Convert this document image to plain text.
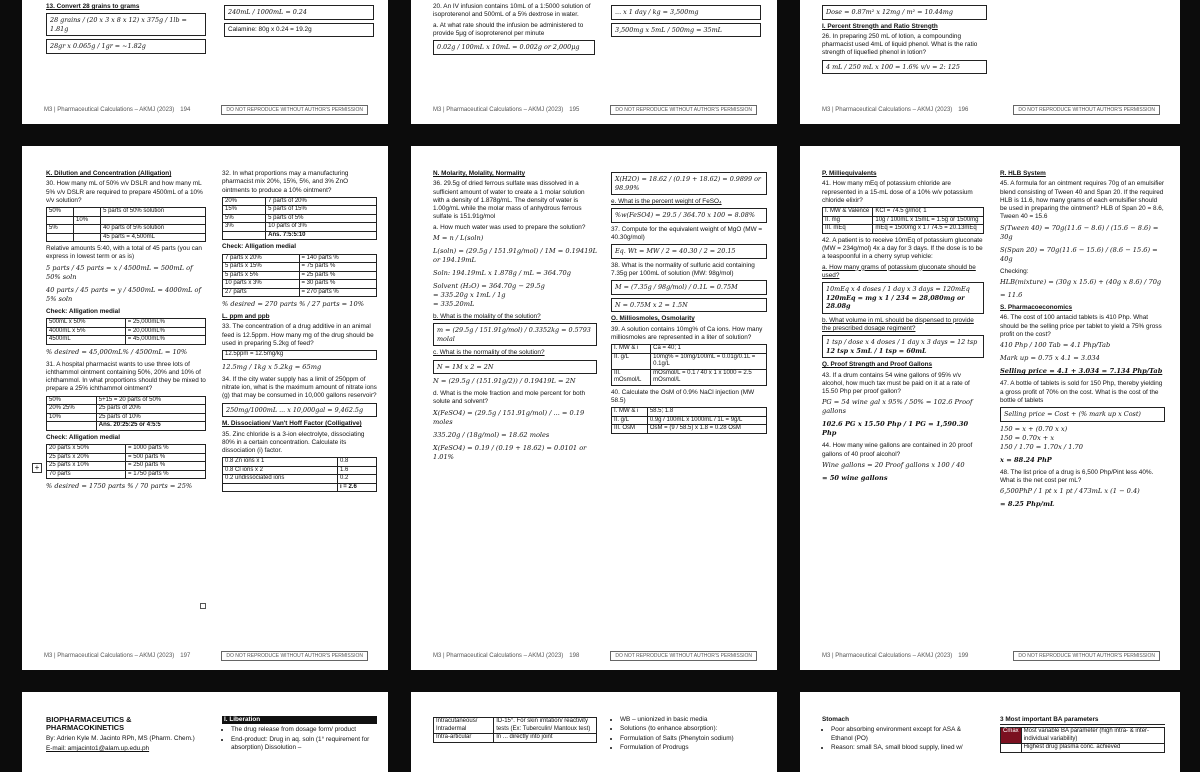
13. Convert 28 grains to grams

28 grains / (20 x 3 x 8 x 12) x 375g / 1lb = 1.81g
28gr x 0.065g / 1gr = ~1.82g
240mL / 1000mL = 0.24
Calamine: 80g x 0.24 = 19.2g
M3 | Pharmaceutical Calculations – AKMJ (2023) 194	DO NOT REPRODUCE WITHOUT AUTHOR'S PERMISSION

20. An IV infusion contains 10mL of a 1:5000 solution of isoproterenol and 500mL of a 5% dextrose in water.

a. At what rate should the infusion be administered to provide 5μg of isoproterenol per minute

0.02g / 100mL x 10mL = 0.002g or 2,000μg
... x 1 day / kg = 3,500mg
3,500mg x 5mL / 500mg = 35mL
M3 | Pharmaceutical Calculations – AKMJ (2023) 195	DO NOT REPRODUCE WITHOUT AUTHOR'S PERMISSION
Dose = 0.87m² x 12mg / m² = 10.44mg

I. Percent Strength and Ratio Strength

26. In preparing 250 mL of lotion, a compounding pharmacist used 4mL of liquid phenol. What is the ratio strength of liquefied phenol in lotion?

4 mL / 250 mL x 100 = 1.6% v/v = 2: 125
M3 | Pharmaceutical Calculations – AKMJ (2023) 196	DO NOT REPRODUCE WITHOUT AUTHOR'S PERMISSION

K. Dilution and Concentration (Alligation)

30. How many mL of 50% v/v DSLR and how many mL 5% v/v DSLR are required to prepare 4500mL of a 10% v/v solution?

50%		5 parts of 50% solution
	10%	
5%		40 parts of 5% solution
		45 parts = 4,500mL

Relative amounts 5:40, with a total of 45 parts (you can express in lowest term or as is)

5 parts / 45 parts = x / 4500mL = 500mL of 50% soln
40 parts / 45 parts = y / 4500mL = 4000mL of 5% soln

Check: Alligation medial

500mL x 50%	= 25,000mL%
4000mL x 5%	= 20,000mL%
4500mL	= 45,000mL%
% desired = 45,000mL% / 4500mL = 10%

31. A hospital pharmacist wants to use three lots of ichthammol ointment containing 50%, 20% and 10% of ichthammol. In what proportions should they be mixed to prepare a 25% ichthammol ointment?

50%	5+15 = 20 parts of 50%
20% 25%	25 parts of 20%
10%	25 parts of 10%
	Ans. 20:25:25 or 4:5:5

Check: Alligation medial

20 parts x 50%	= 1000 parts %
25 parts x 20%	= 500 parts %
25 parts x 10%	= 250 parts %
70 parts	= 1750 parts %
% desired = 1750 parts % / 70 parts = 25%

32. In what proportions may a manufacturing pharmacist mix 20%, 15%, 5%, and 3% ZnO ointments to produce a 10% ointment?

20%	7 parts of 20%
15%	5 parts of 15%
5%	5 parts of 5%
3%	10 parts of 3%
	Ans. 7:5:5:10

Check: Alligation medial

7 parts x 20%	= 140 parts %
5 parts x 15%	= 75 parts %
5 parts x 5%	= 25 parts %
10 parts x 3%	= 30 parts %
27 parts	= 270 parts %
% desired = 270 parts % / 27 parts = 10%

L. ppm and ppb

33. The concentration of a drug additive in an animal feed is 12.5ppm. How many mg of the drug should be used in preparing 5.2kg of feed?

12.5ppm = 12.5mg/kg
12.5mg / 1kg x 5.2kg = 65mg

34. If the city water supply has a limit of 250ppm of nitrate ion, what is the maximum amount of nitrate ions (g) that may be consumed in 10,000 gallons reservoir?

250mg/1000mL ... x 10,000gal = 9,462.5g

M. Dissociation/ Van't Hoff Factor (Colligative)

35. Zinc chloride is a 3-ion electrolyte, dissociating 80% in a certain concentration. Calculate its dissociation (i) factor.

0.8 Zn ions x 1	0.8
0.8 Cl ions x 2	1.6
0.2 undissociated ions	0.2
	i = 2.6
M3 | Pharmaceutical Calculations – AKMJ (2023) 197	DO NOT REPRODUCE WITHOUT AUTHOR'S PERMISSION

N. Molarity, Molality, Normality

36. 29.5g of dried ferrous sulfate was dissolved in a sufficient amount of water to create a 1 molar solution with a density of 1.878g/mL. The density of water is 1.00g/mL while the molar mass of anhydrous ferrous sulfate is 151.91g/mol

a. How much water was used to prepare the solution?

M = n / L(soln)
L(soln) = (29.5g / 151.91g/mol) / 1M = 0.19419L or 194.19mL
Soln: 194.19mL x 1.878g / mL = 364.70g
Solvent (H₂O) = 364.70g − 29.5g
= 335.20g x 1mL / 1g
= 335.20mL

b. What is the molality of the solution?

m = (29.5g / 151.91g/mol) / 0.3352kg = 0.5793 molal

c. What is the normality of the solution?

N = 1M x 2 = 2N
N = (29.5g / (151.91g/2)) / 0.19419L = 2N

d. What is the mole fraction and mole percent for both solute and solvent?

X(FeSO4) = (29.5g / 151.91g/mol) / ... = 0.19 moles
335.20g / (18g/mol) = 18.62 moles
X(FeSO4) = 0.19 / (0.19 + 18.62) = 0.0101 or 1.01%
X(H2O) = 18.62 / (0.19 + 18.62) = 0.9899 or 98.99%

e. What is the percent weight of FeSO₄

%w(FeSO4) = 29.5 / 364.70 x 100 = 8.08%

37. Compute for the equivalent weight of MgO (MW = 40.30g/mol)

Eq. Wt = MW / 2 = 40.30 / 2 = 20.15

38. What is the normality of sulfuric acid containing 7.35g per 100mL of solution (MW: 98g/mol)

M = (7.35g / 98g/mol) / 0.1L = 0.75M
N = 0.75M x 2 = 1.5N

O. Milliosmoles, Osmolarity

39. A solution contains 10mg% of Ca ions. How many milliosmoles are represented in a liter of solution?

I. MW & i	Ca = 40; 1
II. g/L	10mg% = 10mg/100mL = 0.01g/0.1L = 0.1g/L
III. mOsmol/L	mOsmol/L = 0.1 / 40 x 1 x 1000 = 2.5 mOsmol/L

40. Calculate the OsM of 0.9% NaCl injection (MW 58.5)

I. MW & i	58.5; 1.8
II. g/L	0.9g / 100mL x 1000mL / 1L = 9g/L
III. OsM	OsM = (9 / 58.5) x 1.8 = 0.28 OsM
M3 | Pharmaceutical Calculations – AKMJ (2023) 198	DO NOT REPRODUCE WITHOUT AUTHOR'S PERMISSION

P. Milliequivalents

41. How many mEq of potassium chloride are represented in a 15-mL dose of a 10% w/v potassium chloride elixir?

I. MW & Valence	KCl = 74.5 g/mol; 1
II. mg	10g / 100mL x 15mL = 1.5g or 1500mg
III. mEq	mEq = 1500mg x 1 / 74.5 = 20.13mEq

42. A patient is to receive 10mEq of potassium gluconate (MW = 234g/mol) 4x a day for 3 days. If the dose is to be a teaspoonful in a cherry syrup vehicle:

a. How many grams of potassium gluconate should be used?

10mEq x 4 doses / 1 day x 3 days = 120mEq
120mEq = mg x 1 / 234 = 28,080mg or 28.08g

b. What volume in mL should be dispensed to provide the prescribed dosage regiment?

1 tsp / dose x 4 doses / 1 day x 3 days = 12 tsp
12 tsp x 5mL / 1 tsp = 60mL

Q. Proof Strength and Proof Gallons

43. If a drum contains 54 wine gallons of 95% v/v alcohol, how much tax must be paid on it at a rate of 15.50 Php per proof gallon?

PG = 54 wine gal x 95% / 50% = 102.6 Proof gallons
102.6 PG x 15.50 Php / 1 PG = 1,590.30 Php

44. How many wine gallons are contained in 20 proof gallons of 40 proof alcohol?

Wine gallons = 20 Proof gallons x 100 / 40
= 50 wine gallons

R. HLB System

45. A formula for an ointment requires 70g of an emulsifier blend consisting of Tween 40 and Span 20. If the required HLB is 11.6, how many grams of each emulsifier should be used in preparing the ointment? HLB of Span 20 = 8.6, Tween 40 = 15.6

S(Tween 40) = 70g(11.6 − 8.6) / (15.6 − 8.6) = 30g
S(Span 20) = 70g(11.6 − 15.6) / (8.6 − 15.6) = 40g

Checking:

HLB(mixture) = (30g x 15.6) + (40g x 8.6) / 70g
= 11.6

S. Pharmacoeconomics

46. The cost of 100 antacid tablets is 410 Php. What should be the selling price per tablet to yield a 75% gross profit on the cost?

410 Php / 100 Tab = 4.1 Php/Tab
Mark up = 0.75 x 4.1 = 3.034
Selling price = 4.1 + 3.034 = 7.134 Php/Tab

47. A bottle of tablets is sold for 150 Php, thereby yielding a gross profit of 70% on the cost. What is the cost of the bottle of tablets

Selling price = Cost + (% mark up x Cost)
150 = x + (0.70 x x)
150 = 0.70x + x
150 / 1.70 = 1.70x / 1.70
x = 88.24 PhP

48. The list price of a drug is 6,500 Php/Pint less 40%. What is the net cost per mL?

6,500PhP / 1 pt x 1 pt / 473mL x (1 − 0.4)
= 8.25 Php/mL
M3 | Pharmaceutical Calculations – AKMJ (2023) 199	DO NOT REPRODUCE WITHOUT AUTHOR'S PERMISSION

BIOPHARMACEUTICS & PHARMACOKINETICS

By: Adrien Kyle M. Jacinto RPh, MS (Pharm. Chem.)

E-mail: amjacinto1@alam.up.edu.ph

I. Liberation

• The drug release from dosage form/ product
• End-product: Drug in aq. soln (1° requirement for absorption) Dissolution –
Intracutaneous/ Intradermal	ID-15°. For skin irritation/ reactivity tests (Ex: Tuberculin/ Mantoux test)
Intra-articular	In ... directly into joint
• WB – unionized in basic media
• Solutions (to enhance absorption):
• Formulation of Salts (Phenytoin sodium)
• Formulation of Prodrugs

Stomach

• Poor absorbing environment except for ASA & Ethanol (PO)
• Reason: small SA, small blood supply, lined w/

3 Most important BA parameters

Cmax	Most variable BA parameter (high intra- & inter-individual variability)
	Highest drug plasma conc. achieved
+
